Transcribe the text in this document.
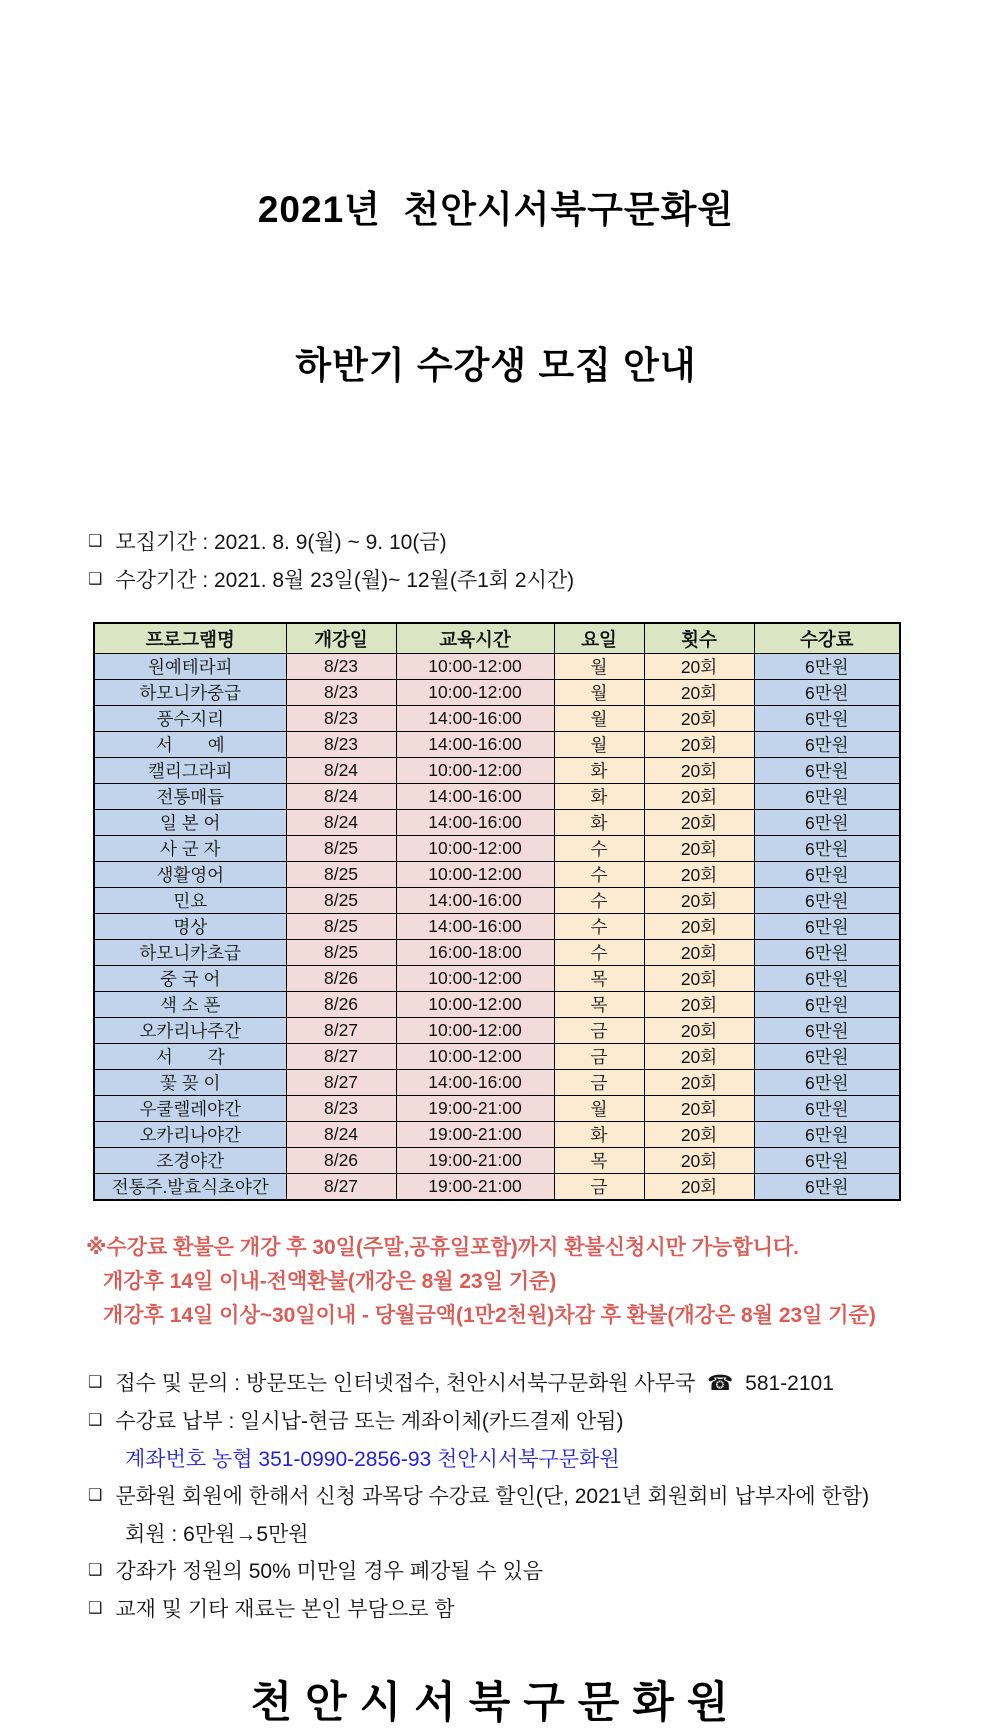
2021년  천안시서북구문화원

하반기 수강생 모집 안내

❑ 모집기간 : 2021. 8. 9(월) ~ 9. 10(금)
❑ 수강기간 : 2021. 8월 23일(월)~ 12월(주1회 2시간)
프로그램명	개강일	교육시간	요일	횟수	수강료
원예테라피	8/23	10:00-12:00	월	20회	6만원
하모니카중급	8/23	10:00-12:00	월	20회	6만원
풍수지리	8/23	14:00-16:00	월	20회	6만원
서　　예	8/23	14:00-16:00	월	20회	6만원
캘리그라피	8/24	10:00-12:00	화	20회	6만원
전통매듭	8/24	14:00-16:00	화	20회	6만원
일 본 어	8/24	14:00-16:00	화	20회	6만원
사 군 자	8/25	10:00-12:00	수	20회	6만원
생활영어	8/25	10:00-12:00	수	20회	6만원
민요	8/25	14:00-16:00	수	20회	6만원
명상	8/25	14:00-16:00	수	20회	6만원
하모니카초급	8/25	16:00-18:00	수	20회	6만원
중 국 어	8/26	10:00-12:00	목	20회	6만원
색 소 폰	8/26	10:00-12:00	목	20회	6만원
오카리나주간	8/27	10:00-12:00	금	20회	6만원
서　　각	8/27	10:00-12:00	금	20회	6만원
꽃 꽂 이	8/27	14:00-16:00	금	20회	6만원
우쿨렐레야간	8/23	19:00-21:00	월	20회	6만원
오카리나야간	8/24	19:00-21:00	화	20회	6만원
조경야간	8/26	19:00-21:00	목	20회	6만원
전통주.발효식초야간	8/27	19:00-21:00	금	20회	6만원
※수강료 환불은 개강 후 30일(주말,공휴일포함)까지 환불신청시만 가능합니다.
개강후 14일 이내-전액환불(개강은 8월 23일 기준)
개강후 14일 이상~30일이내 - 당월금액(1만2천원)차감 후 환불(개강은 8월 23일 기준)
❑ 접수 및 문의 : 방문또는 인터넷접수, 천안시서북구문화원 사무국 ☎ 581-2101
❑ 수강료 납부 : 일시납-현금 또는 계좌이체(카드결제 안됨)
계좌번호 농협 351-0990-2856-93 천안시서북구문화원
❑ 문화원 회원에 한해서 신청 과목당 수강료 할인(단, 2021년 회원회비 납부자에 한함)
회원 : 6만원→5만원
❑ 강좌가 정원의 50% 미만일 경우 폐강될 수 있음
❑ 교재 및 기타 재료는 본인 부담으로 함
천안시서북구문화원
